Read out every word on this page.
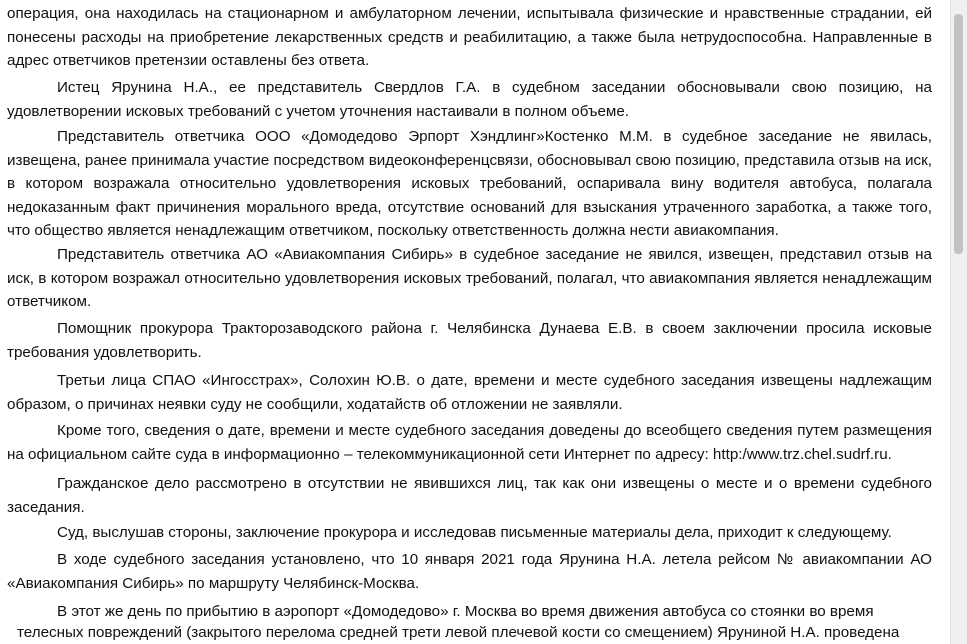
операция, она находилась на стационарном и амбулаторном лечении, испытывала физические и нравственные страдании, ей понесены расходы на приобретение лекарственных средств и реабилитацию, а также была нетрудоспособна. Направленные в адрес ответчиков претензии оставлены без ответа.

Истец Ярунина Н.А., ее представитель Свердлов Г.А. в судебном заседании обосновывали свою позицию, на удовлетворении исковых требований с учетом уточнения настаивали в полном объеме.

Представитель ответчика ООО «Домодедово Эрпорт Хэндлинг»Костенко М.М. в судебное заседание не явилась, извещена, ранее принимала участие посредством видеоконференцсвязи, обосновывал свою позицию, представила отзыв на иск, в котором возражала относительно удовлетворения исковых требований, оспаривала вину водителя автобуса, полагала недоказанным факт причинения морального вреда, отсутствие оснований для взыскания утраченного заработка, а также того, что общество является ненадлежащим ответчиком, поскольку ответственность должна нести авиакомпания.

Представитель ответчика АО «Авиакомпания Сибирь» в судебное заседание не явился, извещен, представил отзыв на иск, в котором возражал относительно удовлетворения исковых требований, полагал, что авиакомпания является ненадлежащим ответчиком.

Помощник прокурора Тракторозаводского района г. Челябинска Дунаева Е.В. в своем заключении просила исковые требования удовлетворить.

Третьи лица СПАО «Ингосстрах», Солохин Ю.В. о дате, времени и месте судебного заседания извещены надлежащим образом, о причинах неявки суду не сообщили, ходатайств об отложении не заявляли.

Кроме того, сведения о дате, времени и месте судебного заседания доведены до всеобщего сведения путем размещения на официальном сайте суда в информационно – телекоммуникационной сети Интернет по адресу: http:/www.trz.chel.sudrf.ru.

Гражданское дело рассмотрено в отсутствии не явившихся лиц, так как они извещены о месте и о времени судебного заседания.

Суд, выслушав стороны, заключение прокурора и исследовав письменные материалы дела, приходит к следующему.

В ходе судебного заседания установлено, что 10 января 2021 года Ярунина Н.А. летела рейсом № авиакомпании АО «Авиакомпания Сибирь» по маршруту Челябинск-Москва.

В этот же день по прибытию в аэропорт «Домодедово» г. Москва во время движения автобуса со стоянки во время

телесных повреждений (закрытого перелома средней трети левой плечевой кости со смещением) Яруниной Н.А. проведена
